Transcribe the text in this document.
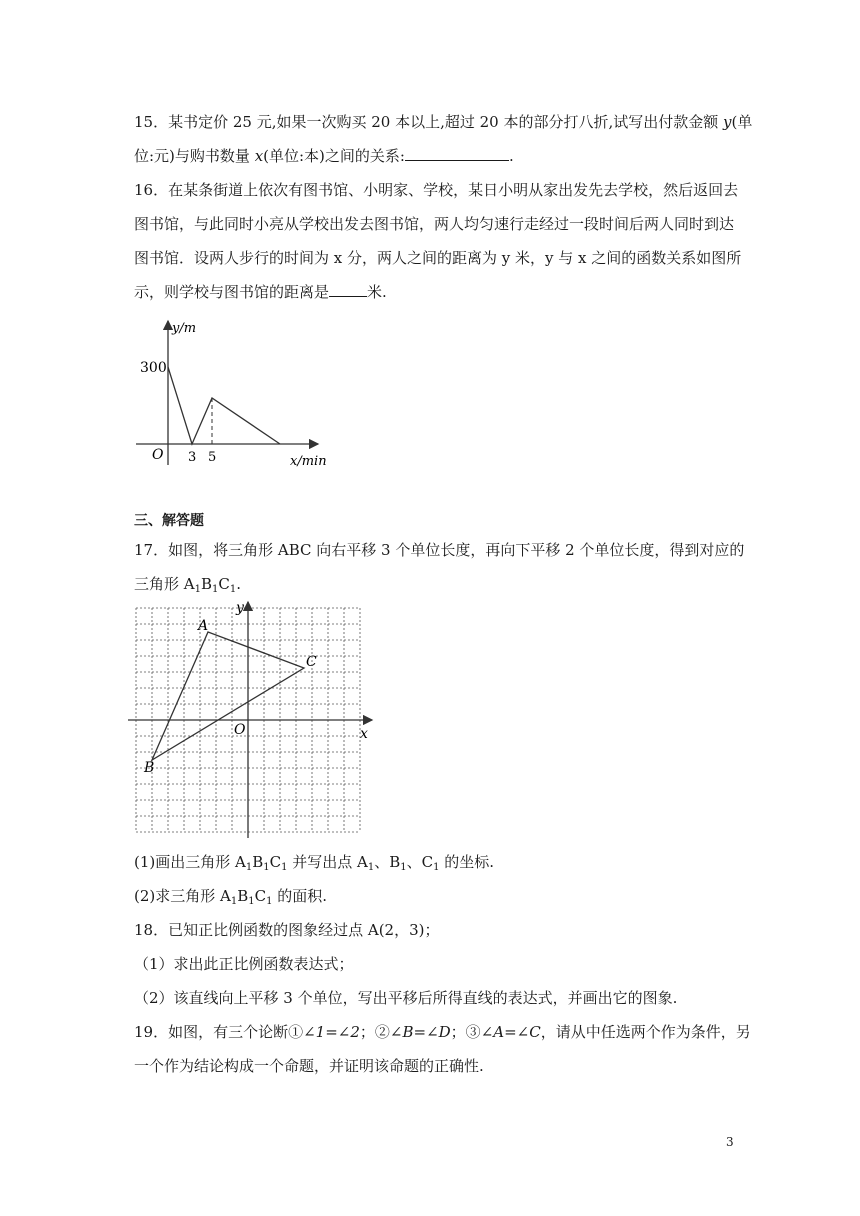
15．某书定价 25 元,如果一次购买 20 本以上,超过 20 本的部分打八折,试写出付款金额 y(单
位:元)与购书数量 x(单位:本)之间的关系:	.
16．在某条街道上依次有图书馆、小明家、学校，某日小明从家出发先去学校，然后返回去
图书馆，与此同时小亮从学校出发去图书馆，两人均匀速行走经过一段时间后两人同时到达
图书馆．设两人步行的时间为 x 分，两人之间的距离为 y 米，y 与 x 之间的函数关系如图所
示，则学校与图书馆的距离是	米.
y/m
x/min
O
300
3 5
三、解答题
17．如图，将三角形 ABC 向右平移 3 个单位长度，再向下平移 2 个单位长度，得到对应的
三角形 $A_1B_1C_1$.
A
C
B
O	x
y
(1)画出三角形 $A_1B_1C_1$ 并写出点 $A_1$、$B_1$、$C_1$ 的坐标.
(2)求三角形 $A_1B_1C_1$ 的面积.
18．已知正比例函数的图象经过点 A(2，3)；
（1）求出此正比例函数表达式；
（2）该直线向上平移 3 个单位，写出平移后所得直线的表达式，并画出它的图象.
19．如图，有三个论断①∠1=∠2；②∠B=∠D；③∠A=∠C，请从中任选两个作为条件，另
一个作为结论构成一个命题，并证明该命题的正确性.
3
